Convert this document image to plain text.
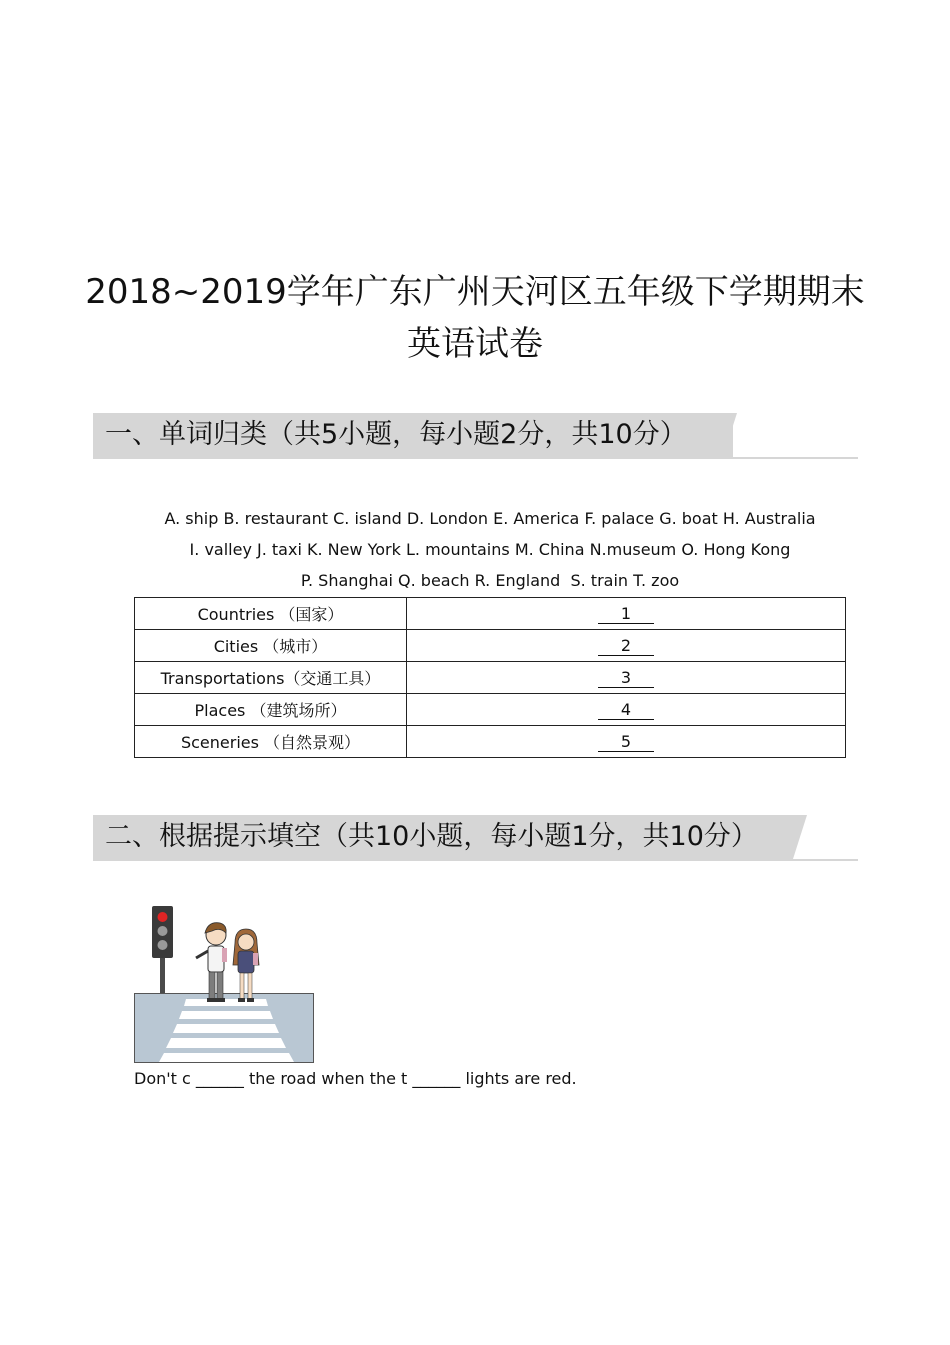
2018~2019学年广东广州天河区五年级下学期期末
英语试卷
一、单词归类（共5小题，每小题2分，共10分）
A. ship B. restaurant C. island D. London E. America F. palace G. boat H. Australia
I. valley J. taxi K. New York L. mountains M. China N.museum O. Hong Kong
P. Shanghai Q. beach R. England  S. train T. zoo
Countries （国家）	1
Cities （城市）	2
Transportations（交通工具）	3
Places （建筑场所）	4
Sceneries （自然景观）	5
二、根据提示填空（共10小题，每小题1分，共10分）
Don't c ______ the road when the t ______ lights are red.
